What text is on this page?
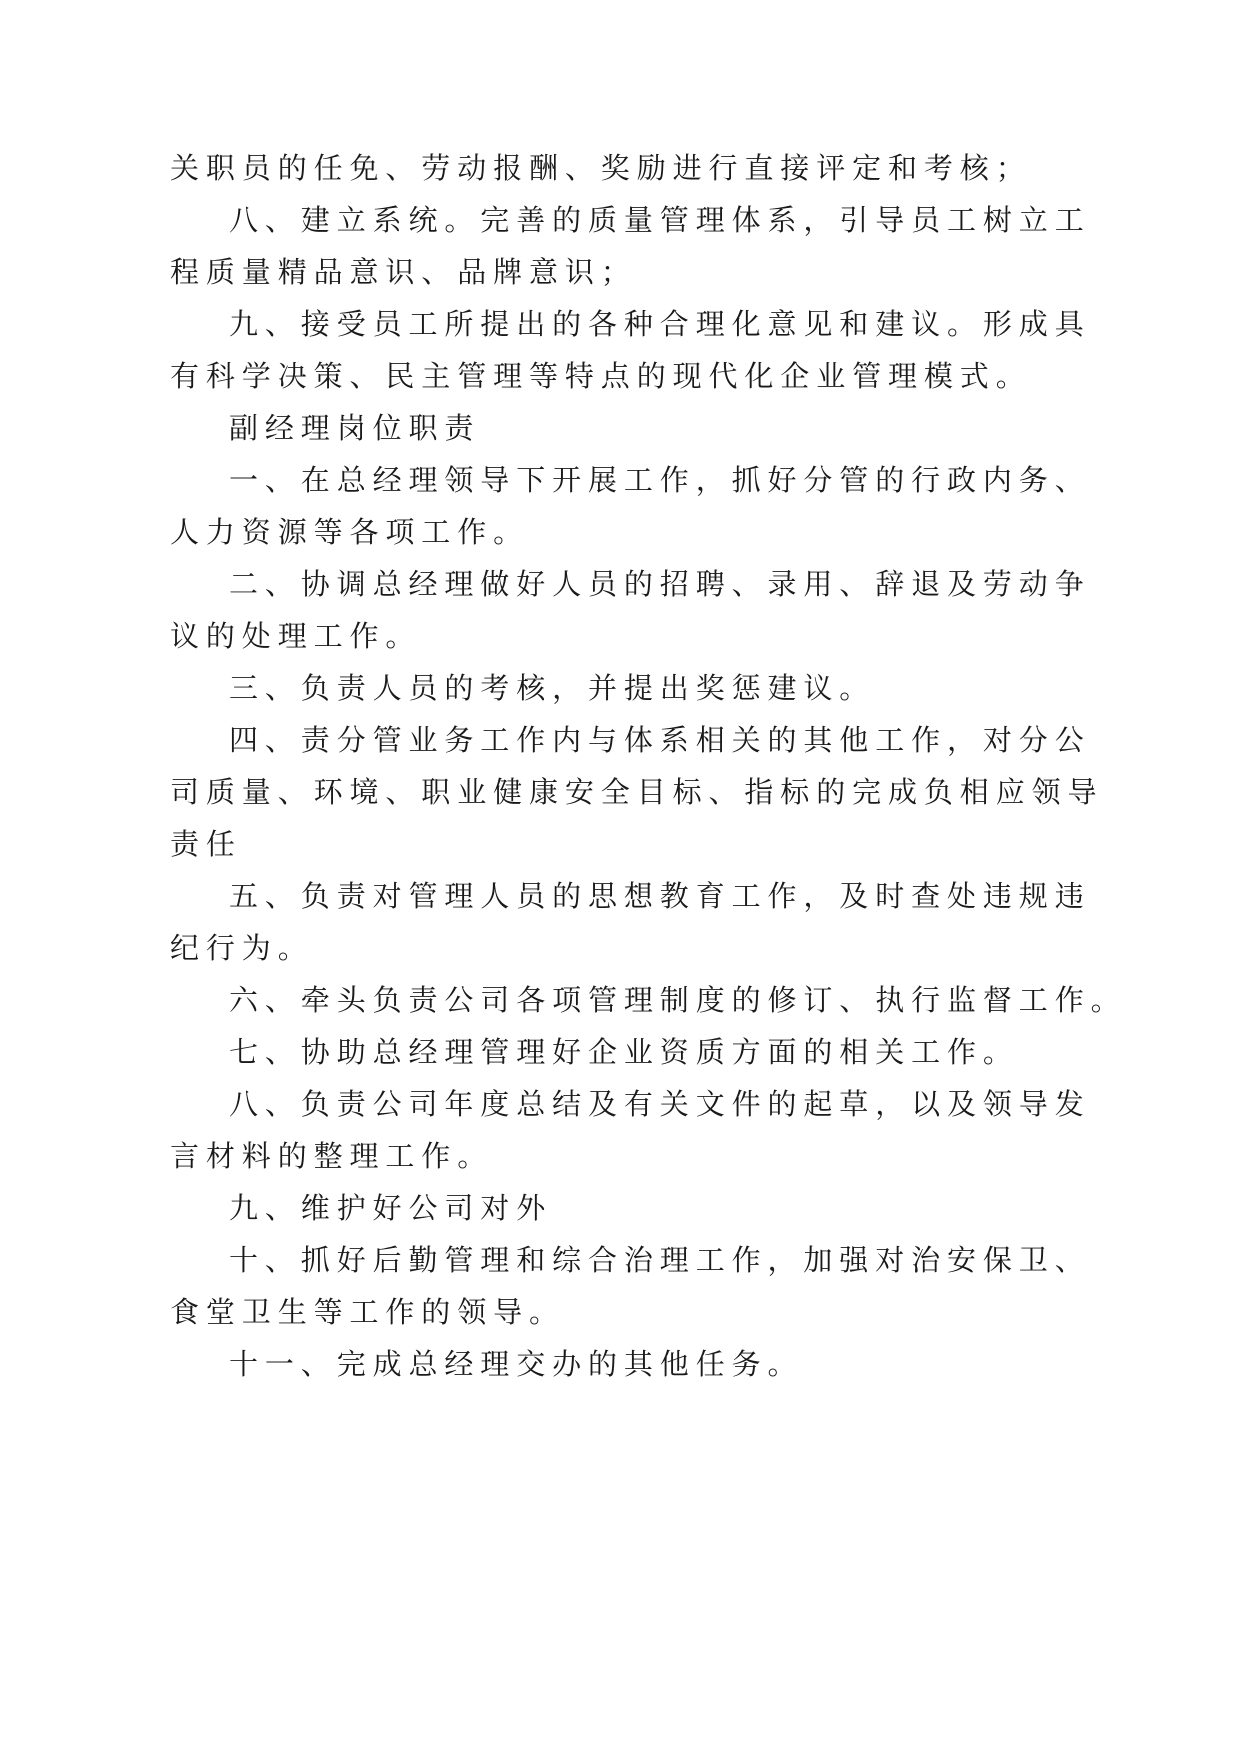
关职员的任免、劳动报酬、奖励进行直接评定和考核；
八、建立系统。完善的质量管理体系，引导员工树立工
程质量精品意识、品牌意识；
九、接受员工所提出的各种合理化意见和建议。形成具
有科学决策、民主管理等特点的现代化企业管理模式。
副经理岗位职责
一、在总经理领导下开展工作，抓好分管的行政内务、
人力资源等各项工作。
二、协调总经理做好人员的招聘、录用、辞退及劳动争
议的处理工作。
三、负责人员的考核，并提出奖惩建议。
四、责分管业务工作内与体系相关的其他工作，对分公
司质量、环境、职业健康安全目标、指标的完成负相应领导
责任
五、负责对管理人员的思想教育工作，及时查处违规违
纪行为。
六、牵头负责公司各项管理制度的修订、执行监督工作。
七、协助总经理管理好企业资质方面的相关工作。
八、负责公司年度总结及有关文件的起草，以及领导发
言材料的整理工作。
九、维护好公司对外
十、抓好后勤管理和综合治理工作，加强对治安保卫、
食堂卫生等工作的领导。
十一、完成总经理交办的其他任务。
